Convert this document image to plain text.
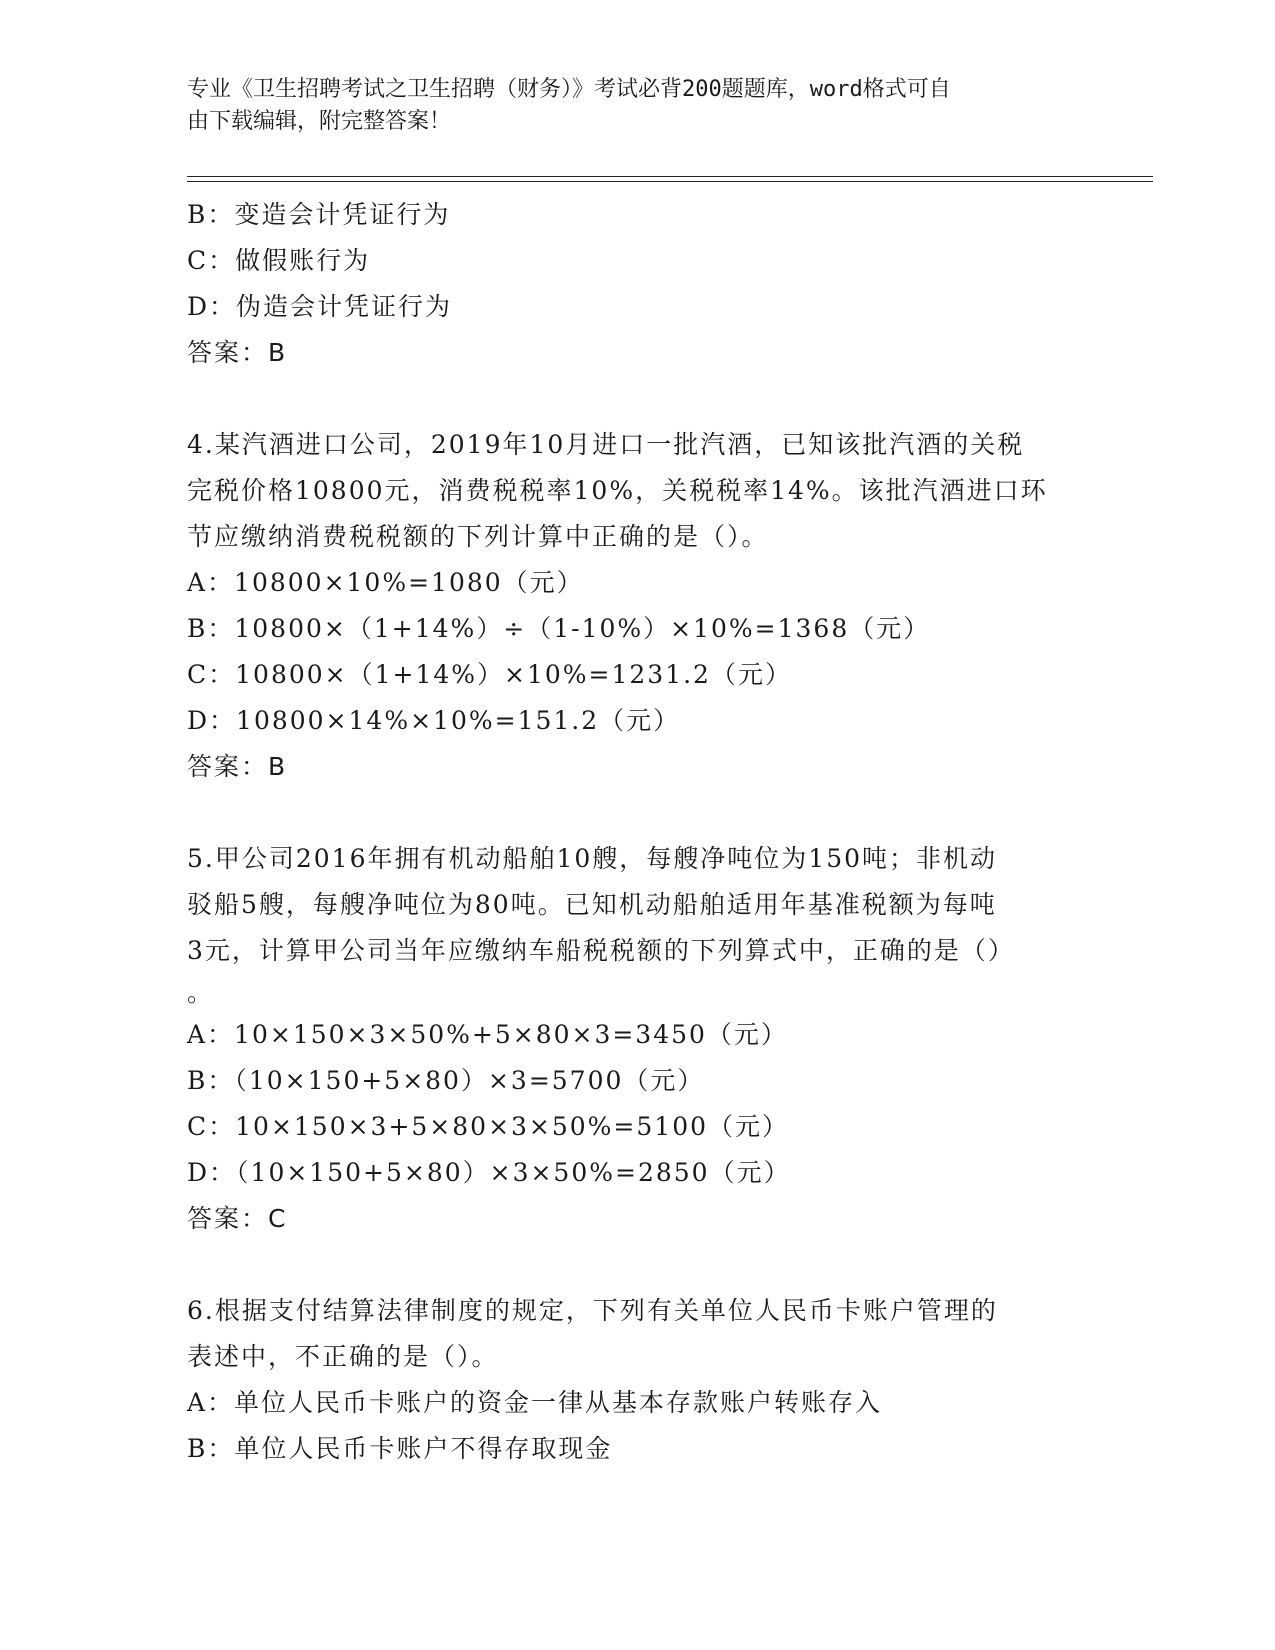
专业《卫生招聘考试之卫生招聘（财务）》考试必背200题题库，word格式可自

由下载编辑，附完整答案！

B：变造会计凭证行为
C：做假账行为
D：伪造会计凭证行为
答案：B
4.某汽酒进口公司，2019年10月进口一批汽酒，已知该批汽酒的关税
完税价格10800元，消费税税率10%，关税税率14%。该批汽酒进口环
节应缴纳消费税税额的下列计算中正确的是（）。
A：10800×10%=1080（元）
B：10800×（1+14%）÷（1-10%）×10%=1368（元）
C：10800×（1+14%）×10%=1231.2（元）
D：10800×14%×10%=151.2（元）
答案：B
5.甲公司2016年拥有机动船舶10艘，每艘净吨位为150吨；非机动
驳船5艘，每艘净吨位为80吨。已知机动船舶适用年基准税额为每吨
3元，计算甲公司当年应缴纳车船税税额的下列算式中，正确的是（）
。
A：10×150×3×50%+5×80×3=3450（元）
B：（10×150+5×80）×3=5700（元）
C：10×150×3+5×80×3×50%=5100（元）
D：（10×150+5×80）×3×50%=2850（元）
答案：C
6.根据支付结算法律制度的规定，下列有关单位人民币卡账户管理的
表述中，不正确的是（）。
A：单位人民币卡账户的资金一律从基本存款账户转账存入
B：单位人民币卡账户不得存取现金
